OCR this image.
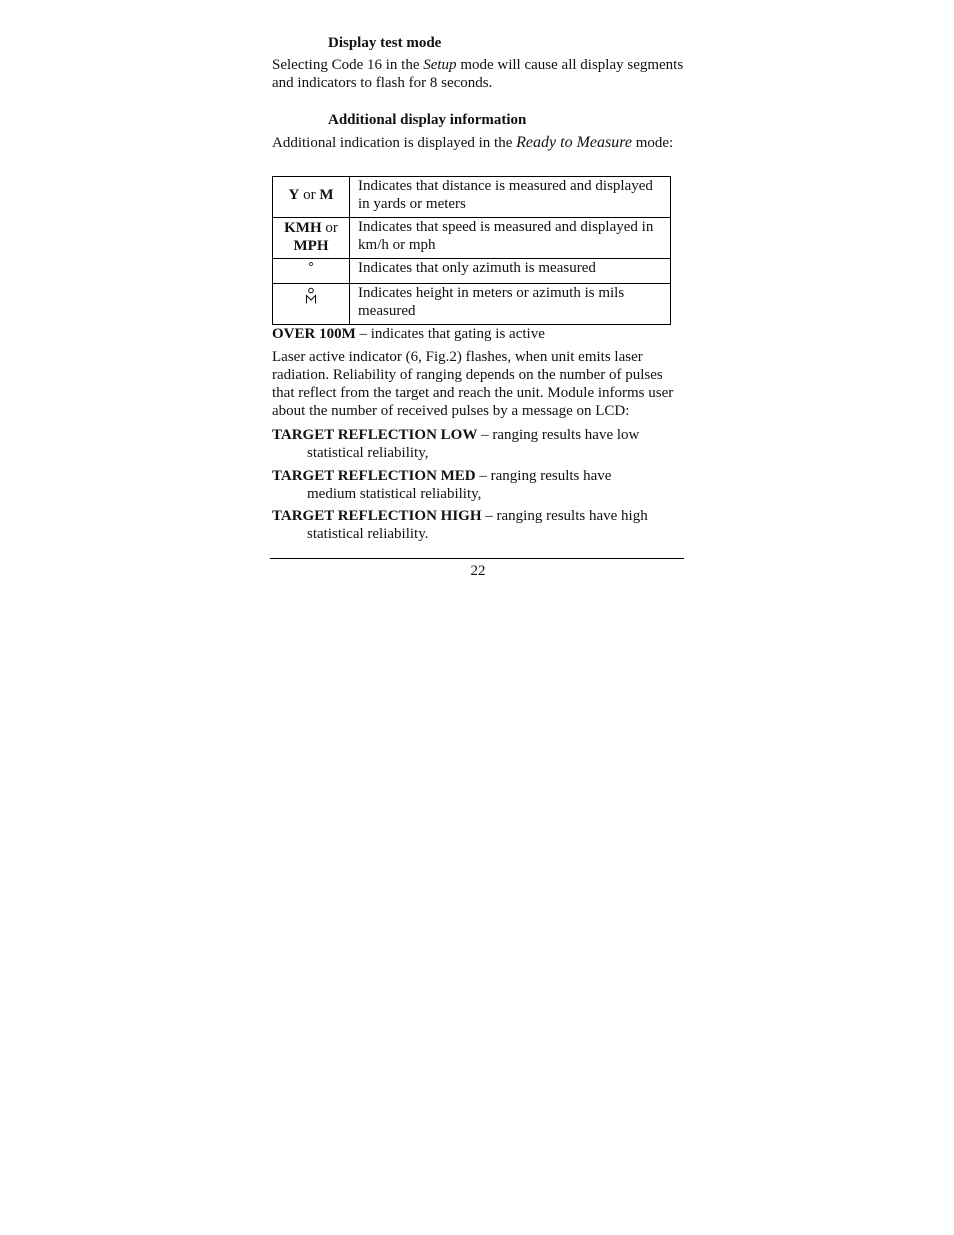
Display test mode
Selecting Code 16 in the Setup mode will cause all display segments and indicators to flash for 8 seconds.
Additional display information
Additional indication is displayed in the Ready to Measure mode:
Y or M	Indicates that distance is measured and displayed in yards or meters

KMH or
MPH	Indicates that speed is measured and displayed in km/h or mph

°	Indicates that only azimuth is measured
	Indicates height in meters or azimuth is mils measured
OVER 100M – indicates that gating is active
Laser active indicator (6, Fig.2) flashes, when unit emits laser radiation. Reliability of ranging depends on the number of pulses that reflect from the target and reach the unit. Module informs user about the number of received pulses by a message on LCD:
TARGET REFLECTION LOW – ranging results have low
statistical reliability,
TARGET REFLECTION MED – ranging results have
medium statistical reliability,
TARGET REFLECTION HIGH – ranging results have high
statistical reliability.
22
